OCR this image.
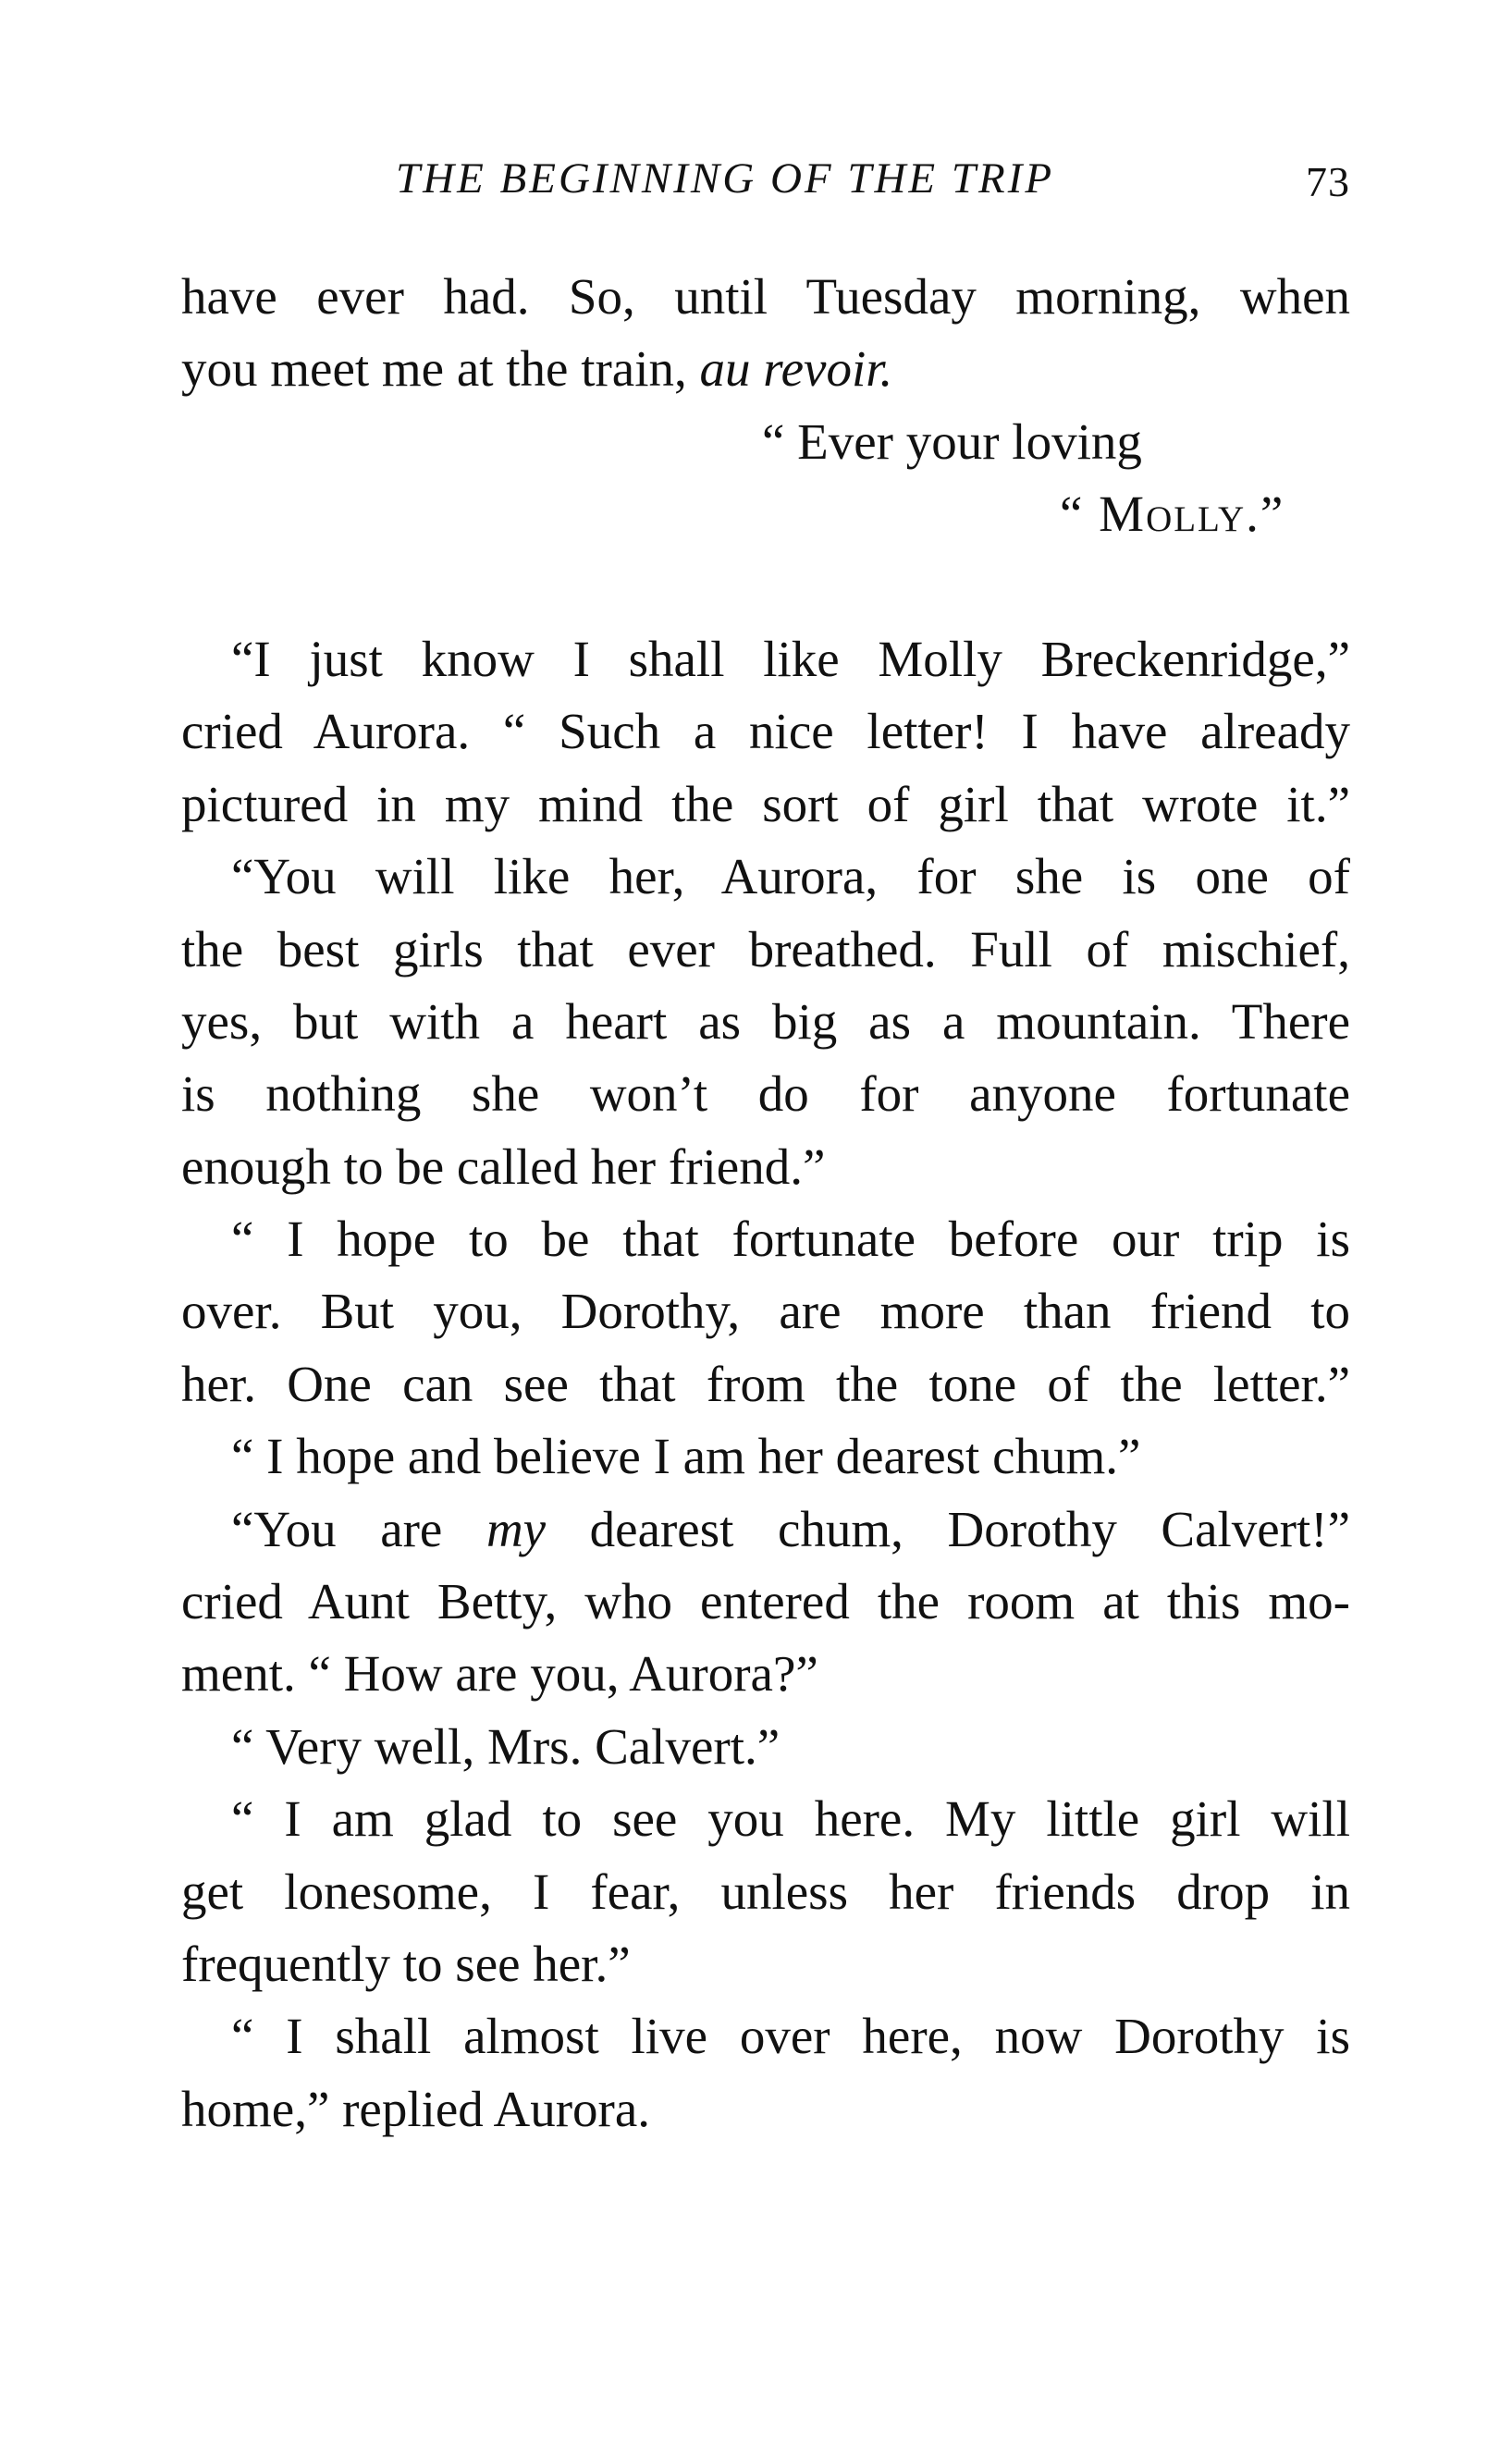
THE BEGINNING OF THE TRIP	73
have ever had. So, until Tuesday morning, when
you meet me at the train, au revoir.
“ Ever your loving
“ Molly.”
“I just know I shall like Molly Breckenridge,”
cried Aurora. “ Such a nice letter! I have already
pictured in my mind the sort of girl that wrote it.”
“You will like her, Aurora, for she is one of
the best girls that ever breathed. Full of mischief,
yes, but with a heart as big as a mountain. There
is nothing she won’t do for anyone fortunate
enough to be called her friend.”
“ I hope to be that fortunate before our trip is
over. But you, Dorothy, are more than friend to
her. One can see that from the tone of the letter.”
“ I hope and believe I am her dearest chum.”
“You are my dearest chum, Dorothy Calvert!”
cried Aunt Betty, who entered the room at this mo-
ment. “ How are you, Aurora?”
“ Very well, Mrs. Calvert.”
“ I am glad to see you here. My little girl will
get lonesome, I fear, unless her friends drop in
frequently to see her.”
“ I shall almost live over here, now Dorothy is
home,” replied Aurora.
